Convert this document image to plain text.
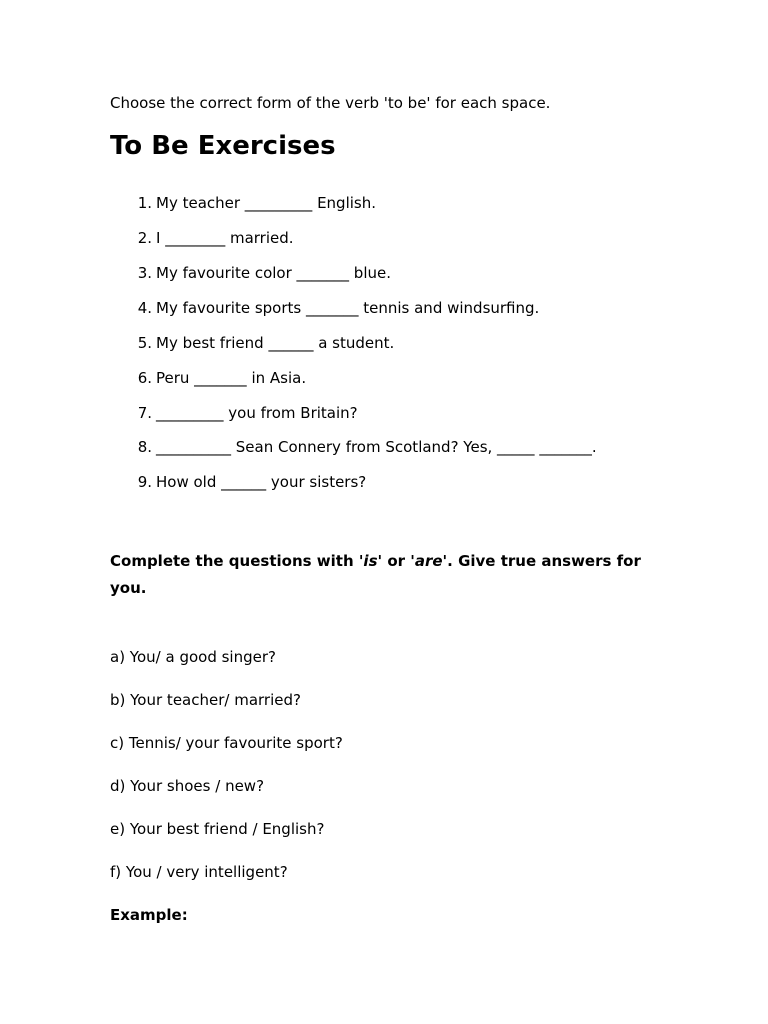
Choose the correct form of the verb 'to be' for each space.

To Be Exercises
1. My teacher _________ English.
2. I ________ married.
3. My favourite color _______ blue.
4. My favourite sports _______ tennis and windsurfing.
5. My best friend ______ a student.
6. Peru _______ in Asia.
7. _________ you from Britain?
8. __________ Sean Connery from Scotland? Yes, _____ _______.
9. How old ______ your sisters?

Complete the questions with 'is' or 'are'. Give true answers for you.

a) You/ a good singer?
b) Your teacher/ married?
c) Tennis/ your favourite sport?
d) Your shoes / new?
e) Your best friend / English?
f) You / very intelligent?

Example:
